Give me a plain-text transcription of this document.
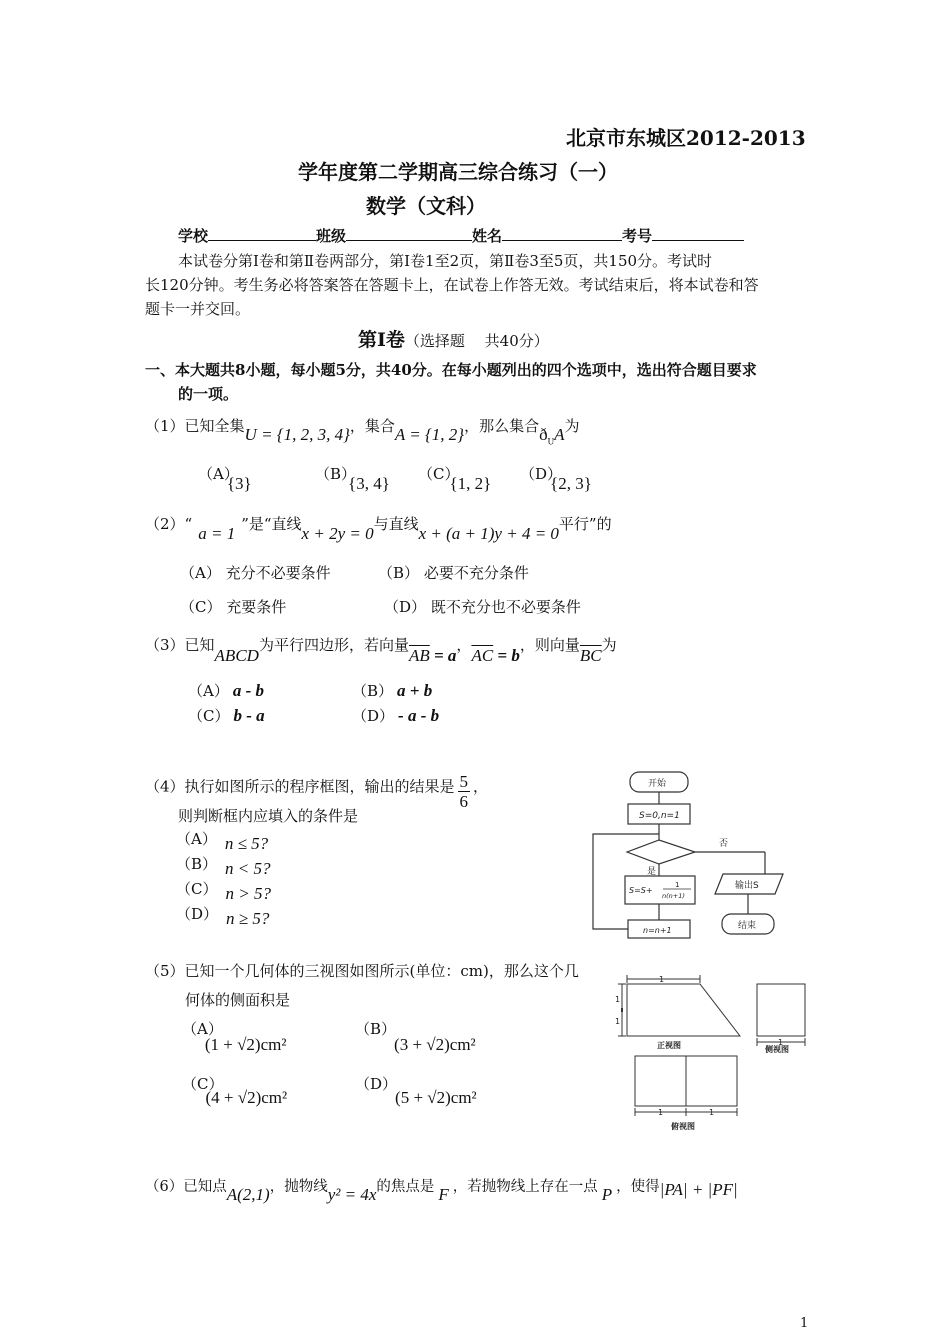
北京市东城区2012-2013
学年度第二学期高三综合练习（一）
数学（文科）
学校	班级	姓名	考号
本试卷分第Ⅰ卷和第Ⅱ卷两部分，第Ⅰ卷1至2页，第Ⅱ卷3至5页，共150分。考试时
长120分钟。考生务必将答案答在答题卡上，在试卷上作答无效。考试结束后，将本试卷和答
题卡一并交回。
第Ⅰ卷（选择题　 共40分）
一、本大题共8小题，每小题5分，共40分。在每小题列出的四个选项中，选出符合题目要求
的一项。
（1）已知全集U = {1, 2, 3, 4}，集合A = {1, 2}，那么集合$ð_UA$为
（A）{3}	（B）{3, 4}	（C）{1, 2}	（D）{2, 3}
（2）“ a = 1 ”是“直线x + 2y = 0与直线x + (a + 1)y + 4 = 0平行”的
（A） 充分不必要条件	（B） 必要不充分条件
（C） 充要条件	（D） 既不充分也不必要条件
（3）已知ABCD为平行四边形，若向量$\overline{AB} = a$，$\overline{AC} = b$，则向量$\overline{BC}$为
（A） a - b	（B） a + b
（C） b - a	（D） - a - b
（4）执行如图所示的程序框图，输出的结果是 $\frac{5}{6}$ ，
则判断框内应填入的条件是
（A） n ≤ 5?
（B） n < 5?
（C） n > 5?
（D） n ≥ 5?
开始
S=0,n=1
否
是
S=S+
1
n(n+1)
输出S
n=n+1	结束
（5）已知一个几何体的三视图如图所示(单位：cm)，那么这个几
何体的侧面积是
（A）(1 + √2)cm²
（B）(3 + √2)cm²
（C）(4 + √2)cm²
（D）(5 + √2)cm²
1
1
1
1
1	1
正视图	侧视图
俯视图
（6）已知点A(2,1)，抛物线y² = 4x的焦点是 F ，若抛物线上存在一点 P ，使得|PA| + |PF|
1
